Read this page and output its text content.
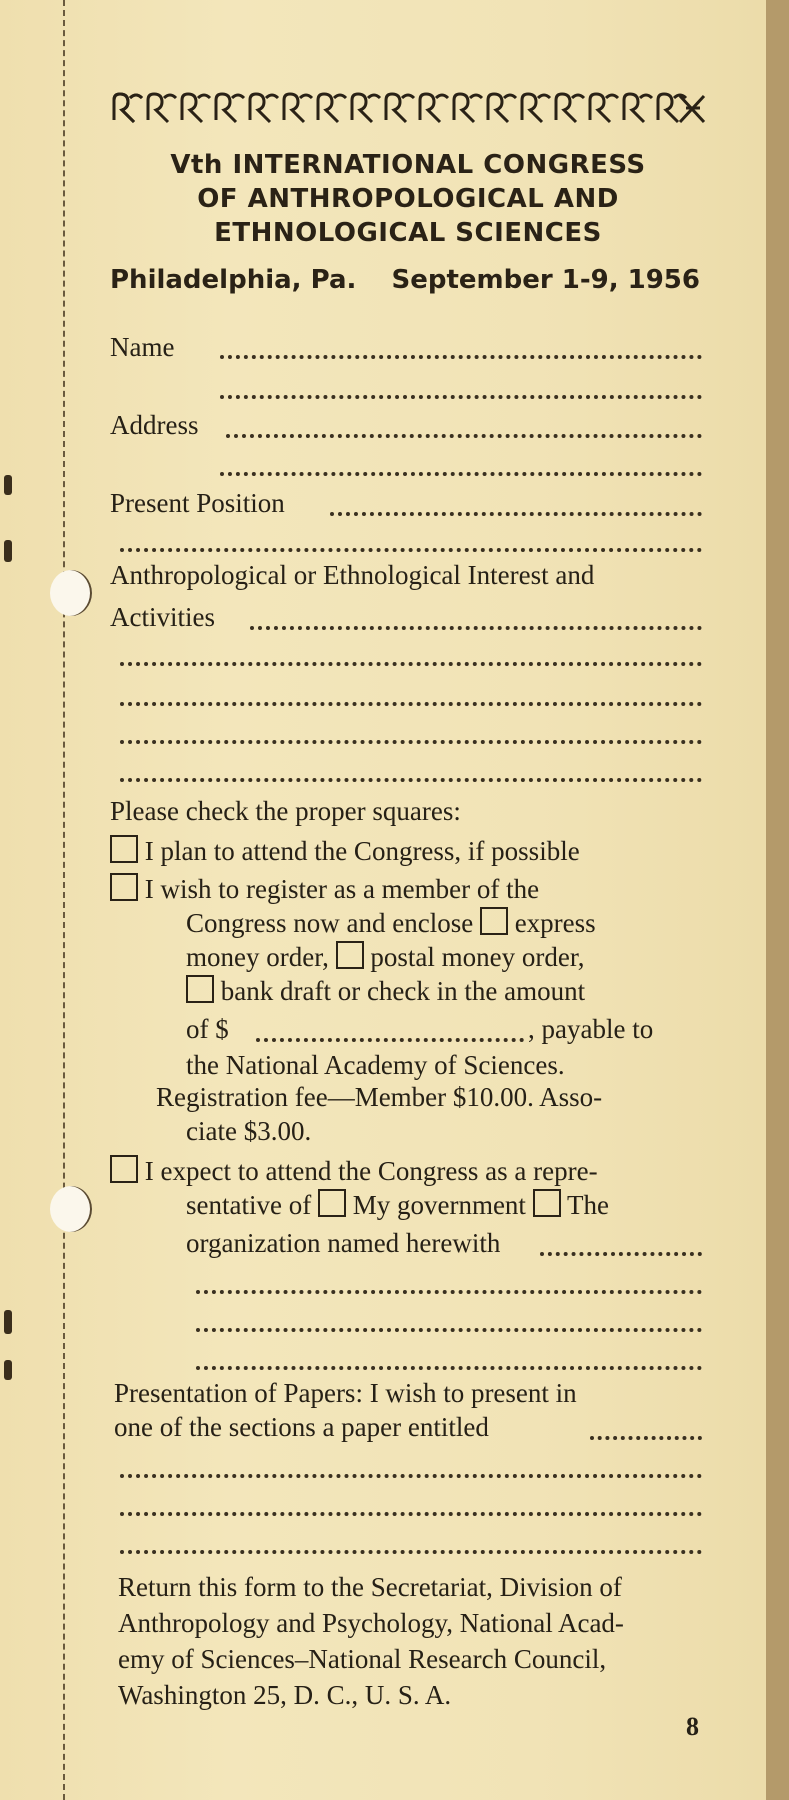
Vth INTERNATIONAL CONGRESS
OF ANTHROPOLOGICAL AND
ETHNOLOGICAL SCIENCES
Philadelphia, Pa. September 1-9, 1956
Name
Address
Present Position
Anthropological or Ethnological Interest and
Activities
Please check the proper squares:
I plan to attend the Congress, if possible
I wish to register as a member of the
Congress now and enclose express
money order, postal money order,
bank draft or check in the amount
of $	, payable to
the National Academy of Sciences.
Registration fee—Member $10.00. Asso-
ciate $3.00.
I expect to attend the Congress as a repre-
sentative of My government The
organization named herewith
Presentation of Papers: I wish to present in
one of the sections a paper entitled
Return this form to the Secretariat, Division of
Anthropology and Psychology, National Acad-
emy of Sciences–National Research Council,
Washington 25, D. C., U. S. A.
8
